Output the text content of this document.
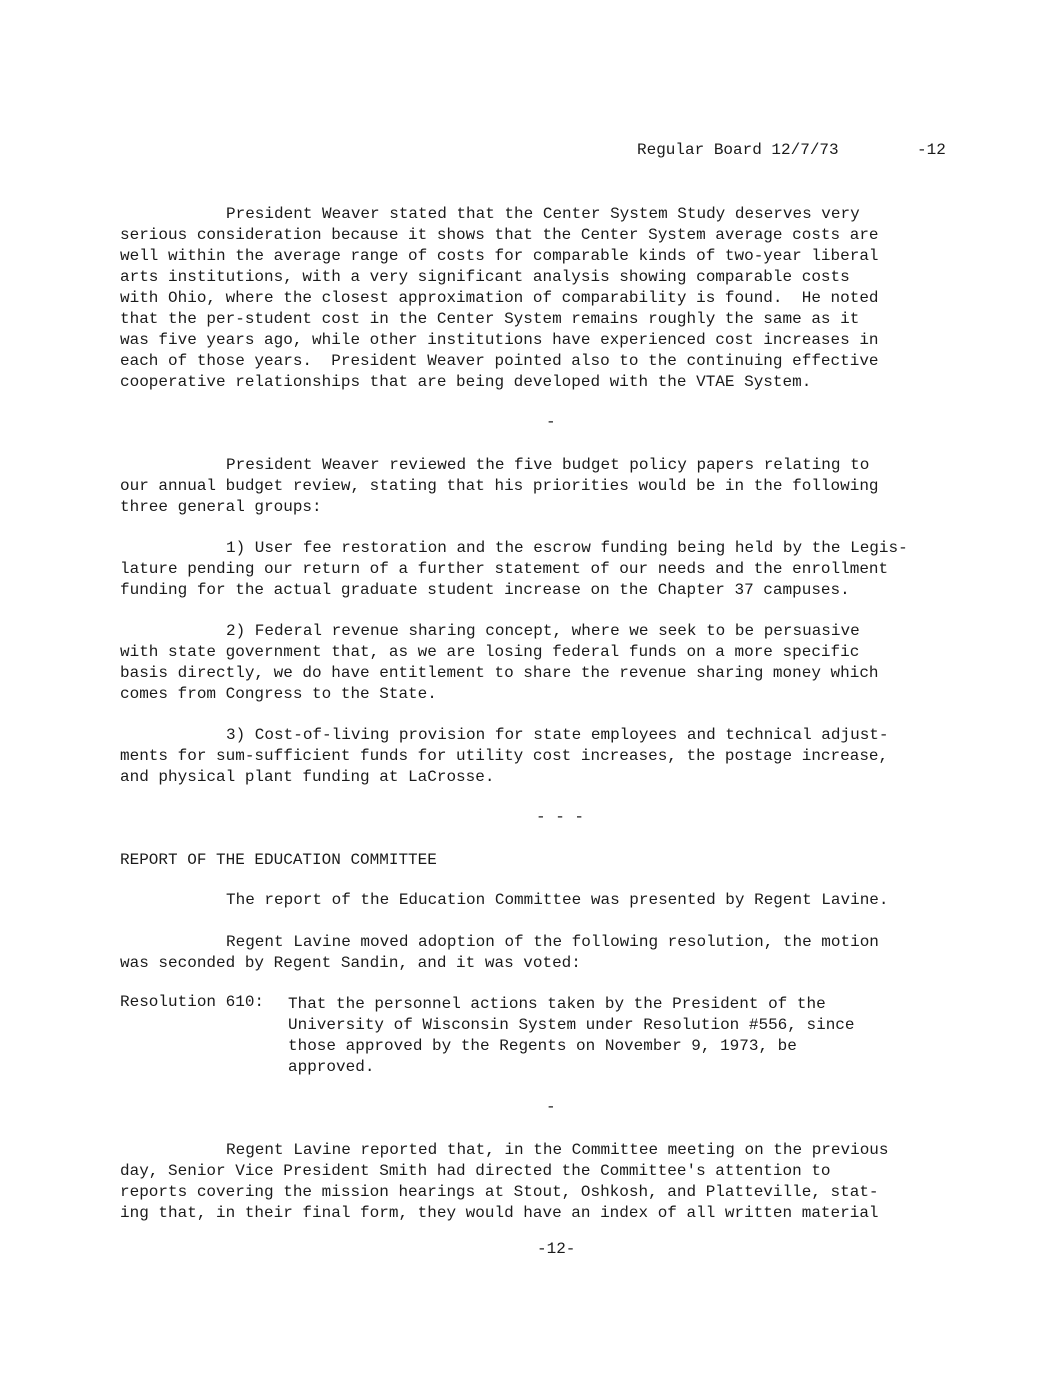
Regular Board 12/7/73	-12
President Weaver stated that the Center System Study deserves very
serious consideration because it shows that the Center System average costs are
well within the average range of costs for comparable kinds of two-year liberal
arts institutions, with a very significant analysis showing comparable costs
with Ohio, where the closest approximation of comparability is found.  He noted
that the per-student cost in the Center System remains roughly the same as it
was five years ago, while other institutions have experienced cost increases in
each of those years.  President Weaver pointed also to the continuing effective
cooperative relationships that are being developed with the VTAE System.
-
President Weaver reviewed the five budget policy papers relating to
our annual budget review, stating that his priorities would be in the following
three general groups:
1) User fee restoration and the escrow funding being held by the Legis-
lature pending our return of a further statement of our needs and the enrollment
funding for the actual graduate student increase on the Chapter 37 campuses.
2) Federal revenue sharing concept, where we seek to be persuasive
with state government that, as we are losing federal funds on a more specific
basis directly, we do have entitlement to share the revenue sharing money which
comes from Congress to the State.
3) Cost-of-living provision for state employees and technical adjust-
ments for sum-sufficient funds for utility cost increases, the postage increase,
and physical plant funding at LaCrosse.
- - -
REPORT OF THE EDUCATION COMMITTEE
The report of the Education Committee was presented by Regent Lavine.
Regent Lavine moved adoption of the following resolution, the motion
was seconded by Regent Sandin, and it was voted:
Resolution 610: That the personnel actions taken by the President of the
University of Wisconsin System under Resolution #556, since
those approved by the Regents on November 9, 1973, be
approved.
-
Regent Lavine reported that, in the Committee meeting on the previous
day, Senior Vice President Smith had directed the Committee's attention to
reports covering the mission hearings at Stout, Oshkosh, and Platteville, stat-
ing that, in their final form, they would have an index of all written material
-12-
